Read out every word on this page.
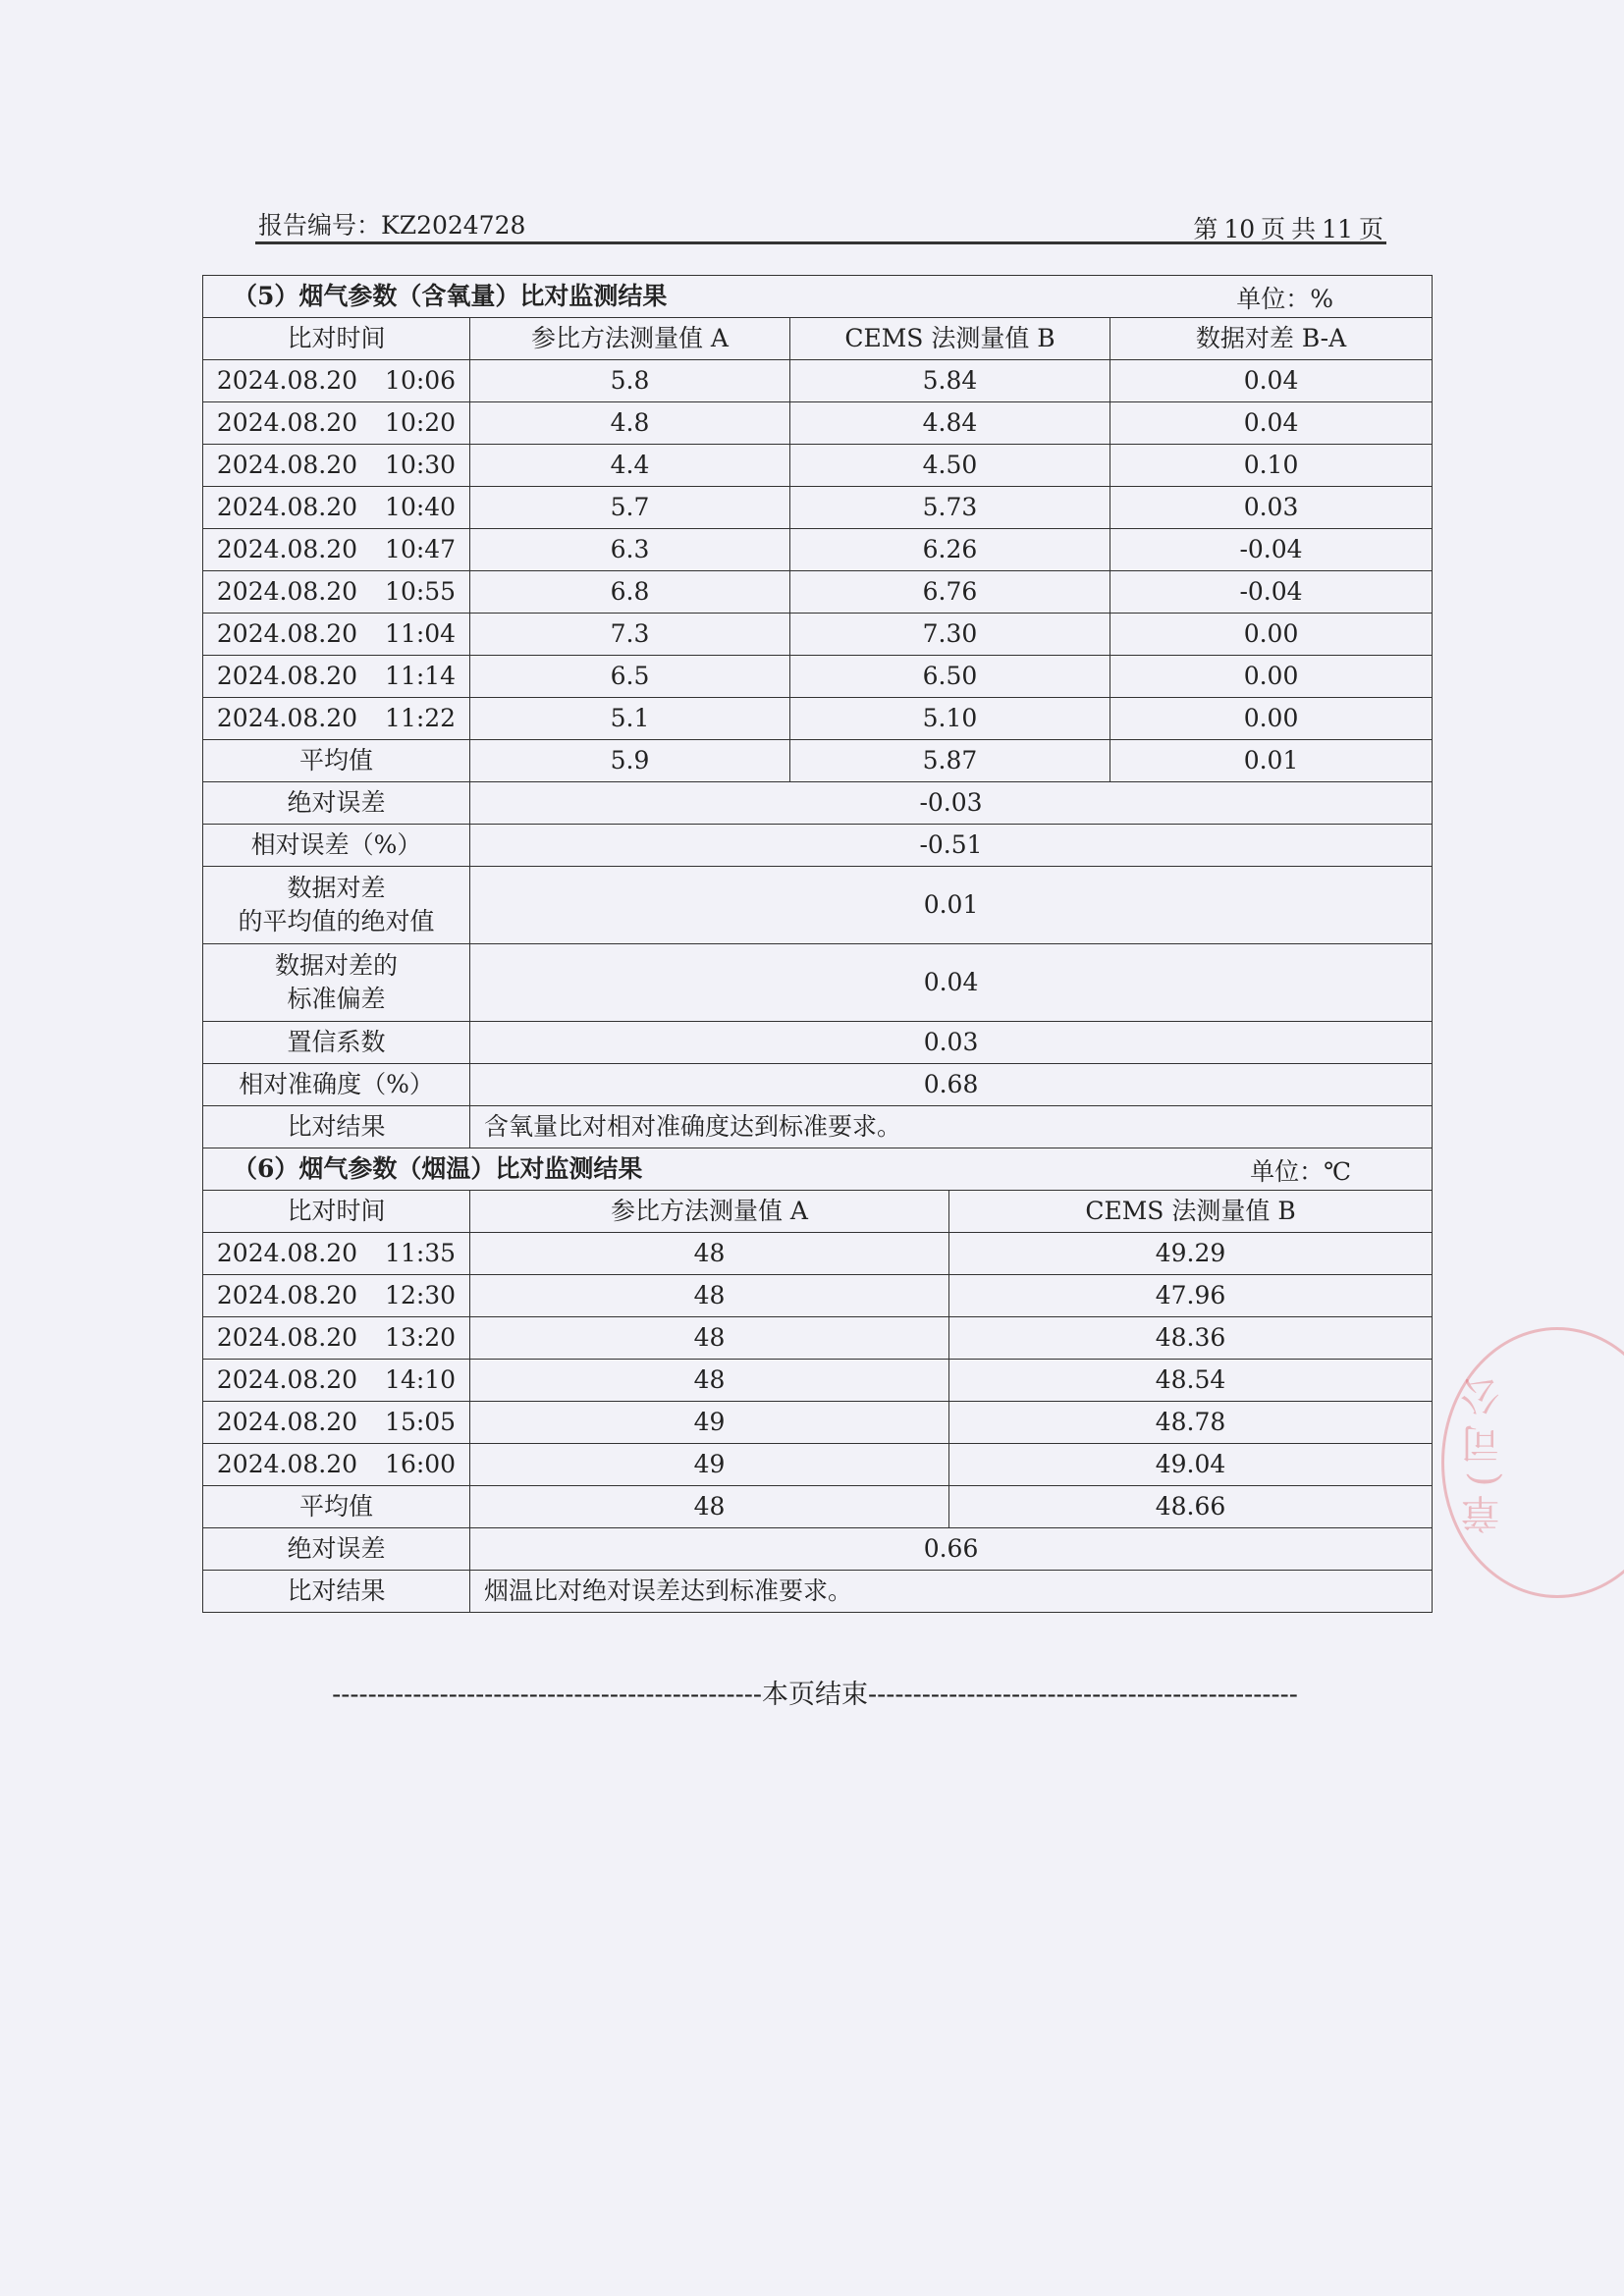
报告编号：KZ2024728	第 10 页 共 11 页
（5）烟气参数（含氧量）比对监测结果 单位：%				

比对时间	参比方法测量值 A	CEMS 法测量值 B		数据对差 B-A
2024.08.20 10:06	5.8	5.84		0.04
2024.08.20 10:20	4.8	4.84		0.04
2024.08.20 10:30	4.4	4.50		0.10
2024.08.20 10:40	5.7	5.73		0.03
2024.08.20 10:47	6.3	6.26		-0.04
2024.08.20 10:55	6.8	6.76		-0.04
2024.08.20 11:04	7.3	7.30		0.00
2024.08.20 11:14	6.5	6.50		0.00
2024.08.20 11:22	5.1	5.10		0.00
平均值	5.9	5.87		0.01
绝对误差	-0.03			
相对误差（%）	-0.51			
数据对差
的平均值的绝对值	0.01			
数据对差的
标准偏差	0.04			
置信系数	0.03			
相对准确度（%）	0.68			
比对结果	含氧量比对相对准确度达到标准要求。			
（6）烟气参数（烟温）比对监测结果 单位：℃				

比对时间	参比方法测量值 A		CEMS 法测量值 B	
2024.08.20 11:35	48		49.29	
2024.08.20 12:30	48		47.96	
2024.08.20 13:20	48		48.36	
2024.08.20 14:10	48		48.54	
2024.08.20 15:05	49		48.78	
2024.08.20 16:00	49		49.04	
平均值	48		48.66	
绝对误差	0.66			
比对结果	烟温比对绝对误差达到标准要求。			
------------------------------------------------本页结束------------------------------------------------
章(司公
